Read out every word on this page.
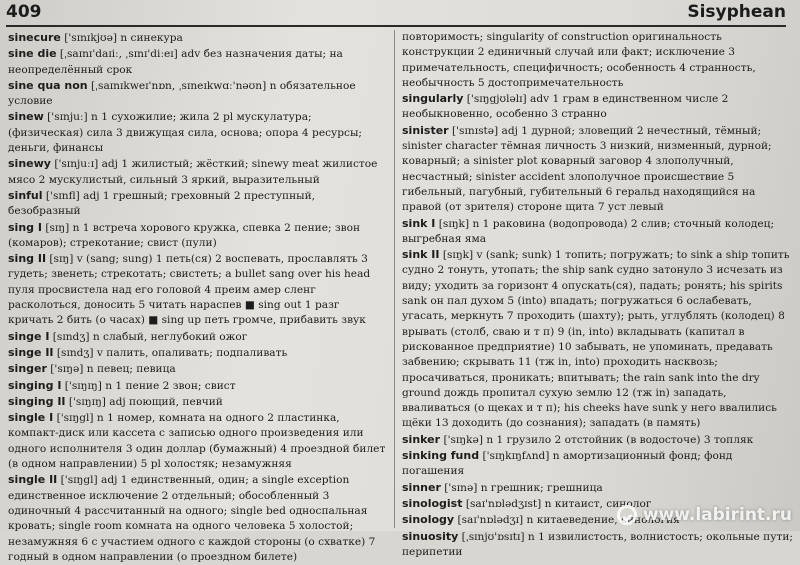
409	Sisyphean

sinecure ['sɪnɪkjʊə] n синекура

sine die [ˌsaɪnɪ'daɪiː, ˌsɪnɪ'diːeɪ] adv без назначения даты; на неопределённый срок

sine qua non [ˌsaɪnɪkweɪ'nɒn, ˌsɪneɪkwɑː'nəʊn] n обязательное условие

sinew ['sɪnjuː] n 1 сухожилие; жила 2 pl мускулатура; (физическая) сила 3 движущая сила, основа; опора 4 ресурсы; деньги, финансы

sinewy ['sɪnjuːɪ] adj 1 жилистый; жёсткий; sinewy meat жилистое мясо 2 мускулистый, сильный 3 яркий, выразительный

sinful ['sɪnfl] adj 1 грешный; греховный 2 преступный, безобразный

sing I [sɪŋ] n 1 встреча хорового кружка, спевка 2 пение; звон (комаров); стрекотание; свист (пули)

sing II [sɪŋ] v (sang; sung) 1 петь(ся) 2 воспевать, прославлять 3 гудеть; звенеть; стрекотать; свистеть; a bullet sang over his head пуля просвистела над его головой 4 преим амер сленг расколоться, доносить 5 читать нараспев ■ sing out 1 разг кричать 2 бить (о часах) ■ sing up петь громче, прибавить звук

singe I [sɪndʒ] n слабый, неглубокий ожог

singe II [sɪndʒ] v палить, опаливать; подпаливать

singer ['sɪŋə] n певец; певица

singing I ['sɪŋɪŋ] n 1 пение 2 звон; свист

singing II ['sɪŋɪŋ] adj поющий, певчий

single I ['sɪŋgl] n 1 номер, комната на одного 2 пластинка, компакт-диск или кассета с записью одного произведения или одного исполнителя 3 один доллар (бумажный) 4 проездной билет (в одном направлении) 5 pl холостяк; незамужняя

single II ['sɪŋgl] adj 1 единственный, один; a single exception единственное исключение 2 отдельный; обособленный 3 одиночный 4 рассчитанный на одного; single bed односпальная кровать; single room комната на одного человека 5 холостой; незамужняя 6 с участием одного с каждой стороны (о схватке) 7 годный в одном направлении (о проездном билете)

повторимость; singularity of construction оригинальность конструкции 2 единичный случай или факт; исключение 3 примечательность, специфичность; особенность 4 странность, необычность 5 достопримечательность

singularly ['sɪŋgjʊləlɪ] adv 1 грам в единственном числе 2 необыкновенно, особенно 3 странно

sinister ['sɪnɪstə] adj 1 дурной; зловещий 2 нечестный, тёмный; sinister character тёмная личность 3 низкий, низменный, дурной; коварный; a sinister plot коварный заговор 4 злополучный, несчастный; sinister accident злополучное происшествие 5 гибельный, пагубный, губительный 6 геральд находящийся на правой (от зрителя) стороне щита 7 уст левый

sink I [sɪŋk] n 1 раковина (водопровода) 2 слив; сточный колодец; выгребная яма

sink II [sɪŋk] v (sank; sunk) 1 топить; погружать; to sink a ship топить судно 2 тонуть, утопать; the ship sank судно затонуло 3 исчезать из виду; уходить за горизонт 4 опускать(ся), падать; ронять; his spirits sank он пал духом 5 (into) впадать; погружаться 6 ослабевать, угасать, меркнуть 7 проходить (шахту); рыть, углублять (колодец) 8 врывать (столб, сваю и т п) 9 (in, into) вкладывать (капитал в рискованное предприятие) 10 забывать, не упоминать, предавать забвению; скрывать 11 (тж in, into) проходить насквозь; просачиваться, проникать; впитывать; the rain sank into the dry ground дождь пропитал сухую землю 12 (тж in) западать, вваливаться (о щеках и т п); his cheeks have sunk у него ввалились щёки 13 доходить (до сознания); западать (в память)

sinker ['sɪŋkə] n 1 грузило 2 отстойник (в водосточе) 3 топляк

sinking fund ['sɪŋkɪŋfʌnd] n амортизационный фонд; фонд погашения

sinner ['sɪnə] n грешник; грешница

sinologist [saɪ'nɒlədʒɪst] n китаист, синолог

sinology [saɪ'nɒlədʒɪ] n китаеведение, синология

sinuosity [ˌsɪnjʊ'ɒsɪtɪ] n 1 извилистость, волнистость; окольные пути; перипетии

www.labirint.ru
